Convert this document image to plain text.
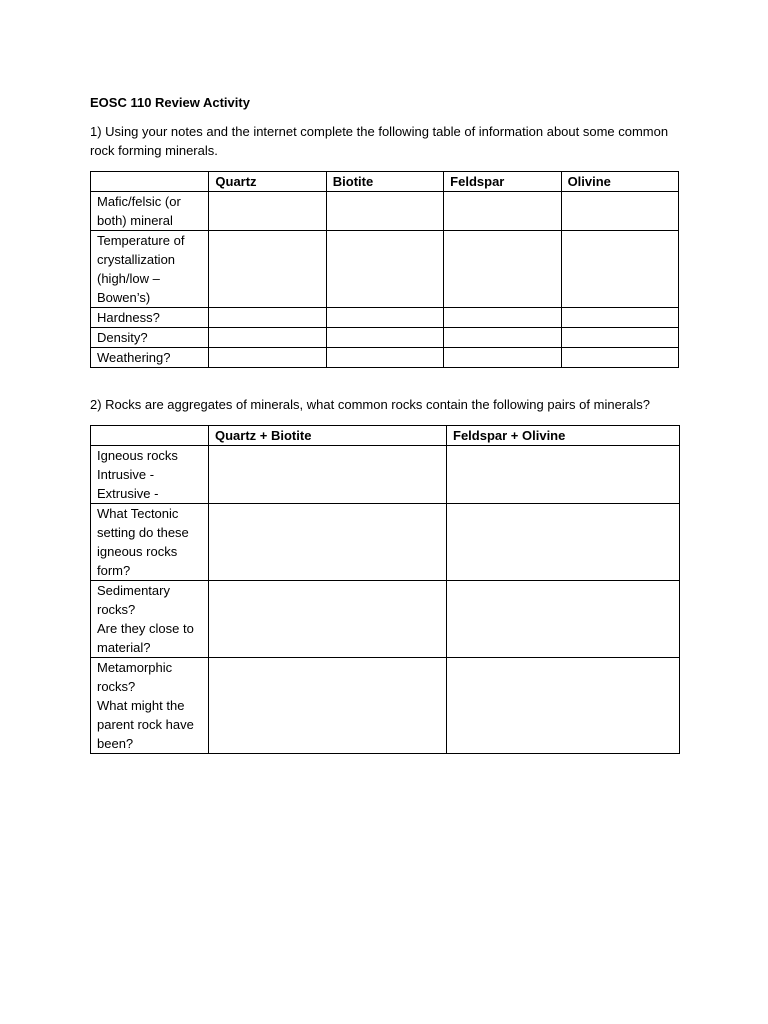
EOSC 110 Review Activity
1) Using your notes and the internet complete the following table of information about some common rock forming minerals.
	Quartz	Biotite	Feldspar	Olivine

Mafic/felsic (or
both) mineral				

Temperature of
crystallization
(high/low –
Bowen’s)				

Hardness?				

Density?				

Weathering?				

2) Rocks are aggregates of minerals, what common rocks contain the following pairs of minerals?
	Quartz + Biotite	Feldspar + Olivine

Igneous rocks
Intrusive -
Extrusive -		

What Tectonic
setting do these
igneous rocks
form?		

Sedimentary
rocks?
Are they close to
material?		

Metamorphic
rocks?
What might the
parent rock have
been?		
